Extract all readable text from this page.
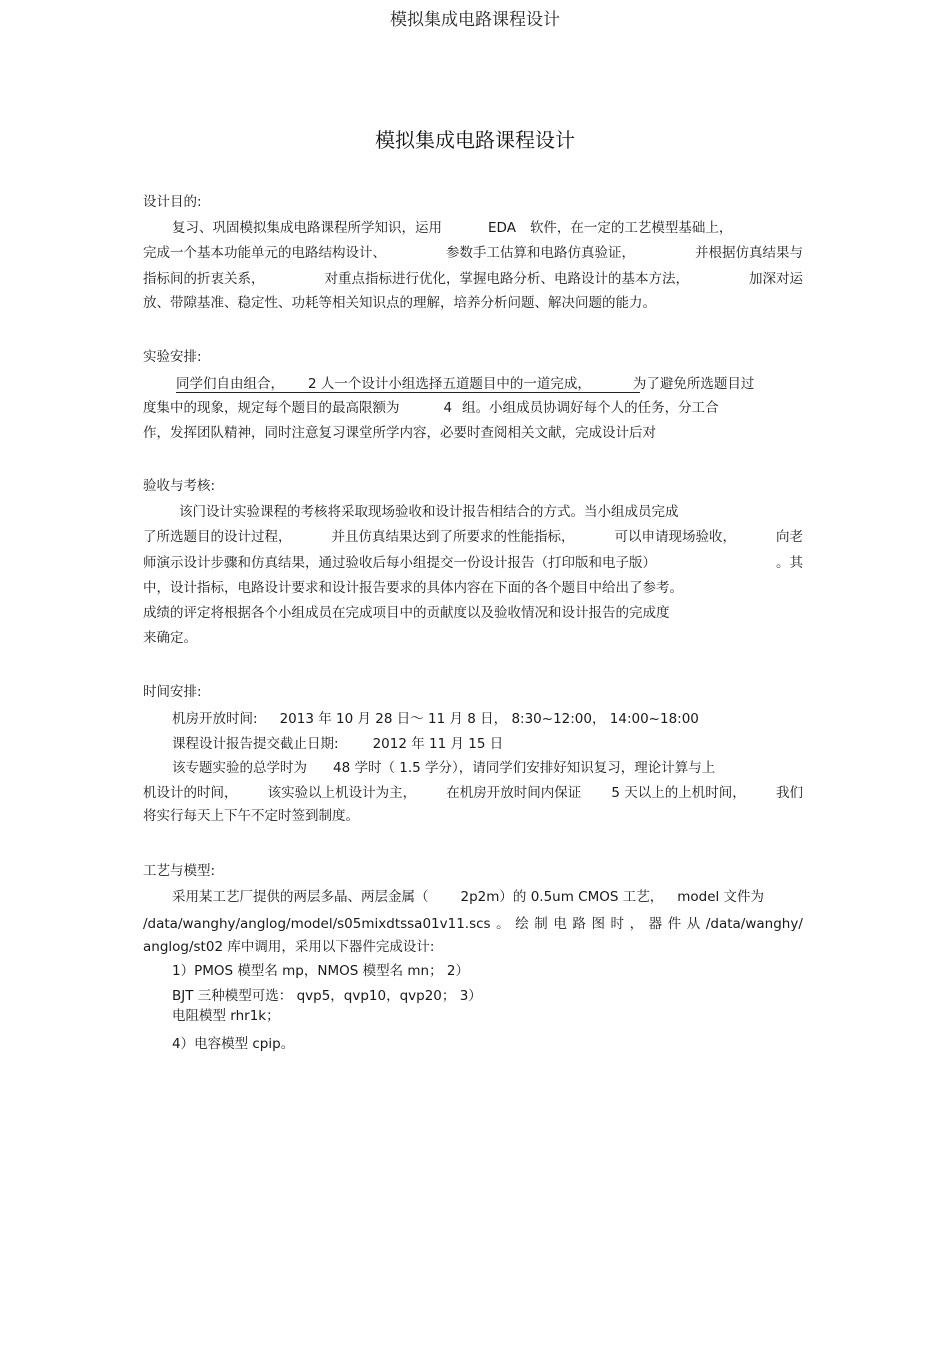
模拟集成电路课程设计
模拟集成电路课程设计
设计目的:
复习、巩固模拟集成电路课程所学知识，运用	EDA 软件，在一定的工艺模型基础上，
完成一个基本功能单元的电路结构设计、	参数手工估算和电路仿真验证，	并根据仿真结果与
指标间的折衷关系，	对重点指标进行优化，掌握电路分析、电路设计的基本方法，	加深对运
放、带隙基准、稳定性、功耗等相关知识点的理解，培养分析问题、解决问题的能力。
实验安排:
同学们自由组合， 2 人一个设计小组选择五道题目中的一道完成，	为了避免所选题目过
度集中的现象，规定每个题目的最高限额为	4 组。小组成员协调好每个人的任务，分工合
作，发挥团队精神，同时注意复习课堂所学内容，必要时查阅相关文献，完成设计后对
验收与考核:
该门设计实验课程的考核将采取现场验收和设计报告相结合的方式。当小组成员完成
了所选题目的设计过程，	并且仿真结果达到了所要求的性能指标，	可以申请现场验收，	向老
师演示设计步骤和仿真结果，通过验收后每小组提交一份设计报告（打印版和电子版）	。其
中，设计指标，电路设计要求和设计报告要求的具体内容在下面的各个题目中给出了参考。
成绩的评定将根据各个小组成员在完成项目中的贡献度以及验收情况和设计报告的完成度
来确定。
时间安排:
机房开放时间: 2013 年 10 月 28 日～ 11 月 8 日， 8:30~12:00， 14:00~18:00
课程设计报告提交截止日期:	2012 年 11 月 15 日
该专题实验的总学时为 48 学时（ 1.5 学分），请同学们安排好知识复习，理论计算与上
机设计的时间， 该实验以上机设计为主， 在机房开放时间内保证 5 天以上的上机时间， 我们
将实行每天上下午不定时签到制度。
工艺与模型:
采用某工艺厂提供的两层多晶、两层金属（ 2p2m）的 0.5um CMOS 工艺， model 文件为
/data/wanghy/anglog/model/s05mixdtssa01v11.scs 。 绘 制 电 路 图 时 ， 器 件 从 /data/wanghy/
anglog/st02 库中调用，采用以下器件完成设计:
1）PMOS 模型名 mp，NMOS 模型名 mn； 2）
BJT 三种模型可选： qvp5，qvp10，qvp20； 3）
电阻模型 rhr1k；
4）电容模型 cpip。
